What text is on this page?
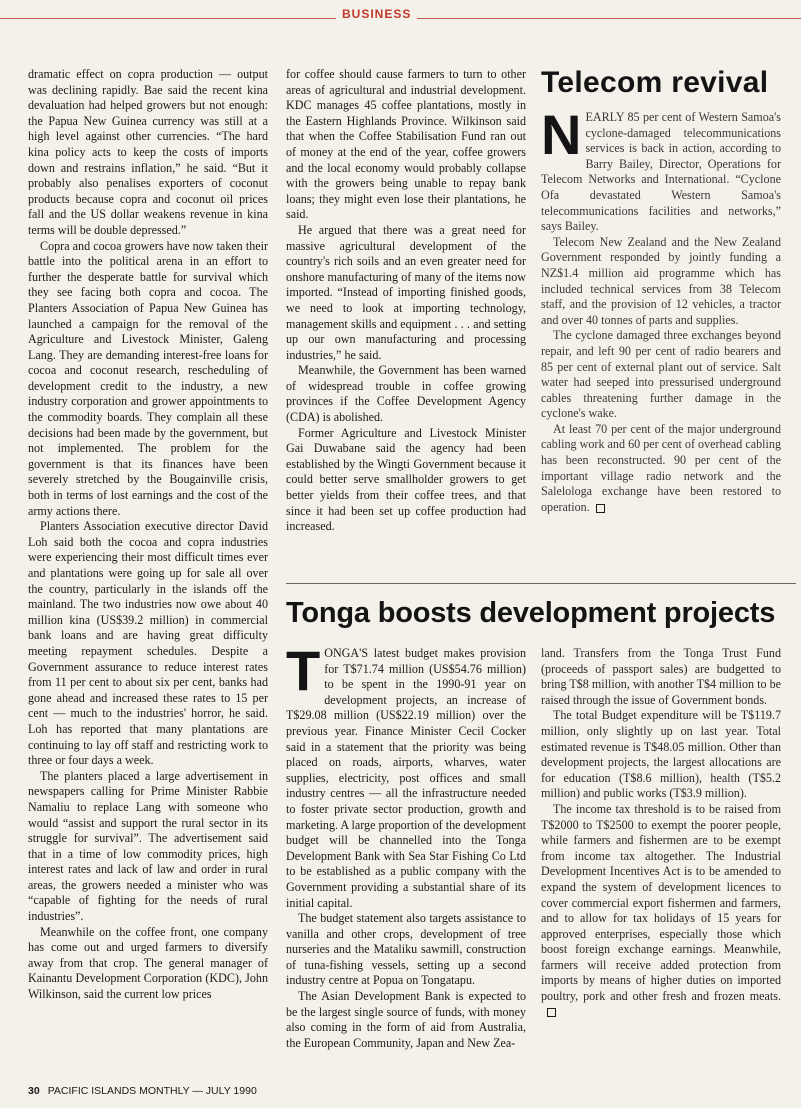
BUSINESS

dramatic effect on copra production — output was declining rapidly. Bae said the recent kina devaluation had helped growers but not enough: the Papua New Guinea currency was still at a high level against other currencies. “The hard kina policy acts to keep the costs of imports down and restrains inflation,” he said. “But it probably also penalises exporters of coconut products because copra and coconut oil prices fall and the US dollar weakens revenue in kina terms will be double depressed.”

Copra and cocoa growers have now taken their battle into the political arena in an effort to further the desperate battle for survival which they see facing both copra and cocoa. The Planters Association of Papua New Guinea has launched a campaign for the removal of the Agriculture and Livestock Minister, Galeng Lang. They are demanding interest-free loans for cocoa and coconut research, rescheduling of development credit to the industry, a new industry corporation and grower appointments to the commodity boards. They complain all these decisions had been made by the government, but not implemented. The problem for the government is that its finances have been severely stretched by the Bougainville crisis, both in terms of lost earnings and the cost of the army actions there.

Planters Association executive director David Loh said both the cocoa and copra industries were experiencing their most difficult times ever and plantations were going up for sale all over the country, particularly in the islands off the mainland. The two industries now owe about 40 million kina (US$39.2 million) in commercial bank loans and are having great difficulty meeting repayment schedules. Despite a Government assurance to reduce interest rates from 11 per cent to about six per cent, banks had gone ahead and increased these rates to 15 per cent — much to the industries' horror, he said. Loh has reported that many plantations are continuing to lay off staff and restricting work to three or four days a week.

The planters placed a large advertisement in newspapers calling for Prime Minister Rabbie Namaliu to replace Lang with someone who would “assist and support the rural sector in its struggle for survival”. The advertisement said that in a time of low commodity prices, high interest rates and lack of law and order in rural areas, the growers needed a minister who was “capable of fighting for the needs of rural industries”.

Meanwhile on the coffee front, one company has come out and urged farmers to diversify away from that crop. The general manager of Kainantu Development Corporation (KDC), John Wilkinson, said the current low prices

for coffee should cause farmers to turn to other areas of agricultural and industrial development. KDC manages 45 coffee plantations, mostly in the Eastern Highlands Province. Wilkinson said that when the Coffee Stabilisation Fund ran out of money at the end of the year, coffee growers and the local economy would probably collapse with the growers being unable to repay bank loans; they might even lose their plantations, he said.

He argued that there was a great need for massive agricultural development of the country's rich soils and an even greater need for onshore manufacturing of many of the items now imported. “Instead of importing finished goods, we need to look at importing technology, management skills and equipment . . . and setting up our own manufacturing and processing industries,” he said.

Meanwhile, the Government has been warned of widespread trouble in coffee growing provinces if the Coffee Development Agency (CDA) is abolished.

Former Agriculture and Livestock Minister Gai Duwabane said the agency had been established by the Wingti Government because it could better serve smallholder growers to get better yields from their coffee trees, and that since it had been set up coffee production had increased.

Telecom revival

NEARLY 85 per cent of Western Samoa's cyclone-damaged telecommunications services is back in action, according to Barry Bailey, Director, Operations for Telecom Networks and International. “Cyclone Ofa devastated Western Samoa's telecommunications facilities and networks,” says Bailey.

Telecom New Zealand and the New Zealand Government responded by jointly funding a NZ$1.4 million aid programme which has included technical services from 38 Telecom staff, and the provision of 12 vehicles, a tractor and over 40 tonnes of parts and supplies.

The cyclone damaged three exchanges beyond repair, and left 90 per cent of radio bearers and 85 per cent of external plant out of service. Salt water had seeped into pressurised underground cables threatening further damage in the cyclone's wake.

At least 70 per cent of the major underground cabling work and 60 per cent of overhead cabling has been reconstructed. 90 per cent of the important village radio network and the Salelologa exchange have been restored to operation.

Tonga boosts development projects

TONGA'S latest budget makes provision for T$71.74 million (US$54.76 million) to be spent in the 1990-91 year on development projects, an increase of T$29.08 million (US$22.19 million) over the previous year. Finance Minister Cecil Cocker said in a statement that the priority was being placed on roads, airports, wharves, water supplies, electricity, post offices and small industry centres — all the infrastructure needed to foster private sector production, growth and marketing. A large proportion of the development budget will be channelled into the Tonga Development Bank with Sea Star Fishing Co Ltd to be established as a public company with the Government providing a substantial share of its initial capital.

The budget statement also targets assistance to vanilla and other crops, development of tree nurseries and the Mataliku sawmill, construction of tuna-fishing vessels, setting up a second industry centre at Popua on Tongatapu.

The Asian Development Bank is expected to be the largest single source of funds, with money also coming in the form of aid from Australia, the European Community, Japan and New Zea-

land. Transfers from the Tonga Trust Fund (proceeds of passport sales) are budgetted to bring T$8 million, with another T$4 million to be raised through the issue of Government bonds.

The total Budget expenditure will be T$119.7 million, only slightly up on last year. Total estimated revenue is T$48.05 million. Other than development projects, the largest allocations are for education (T$8.6 million), health (T$5.2 million) and public works (T$3.9 million).

The income tax threshold is to be raised from T$2000 to T$2500 to exempt the poorer people, while farmers and fishermen are to be exempt from income tax altogether. The Industrial Development Incentives Act is to be amended to expand the system of development licences to cover commercial export fishermen and farmers, and to allow for tax holidays of 15 years for approved enterprises, especially those which boost foreign exchange earnings. Meanwhile, farmers will receive added protection from imports by means of higher duties on imported poultry, pork and other fresh and frozen meats.

30 PACIFIC ISLANDS MONTHLY — JULY 1990
